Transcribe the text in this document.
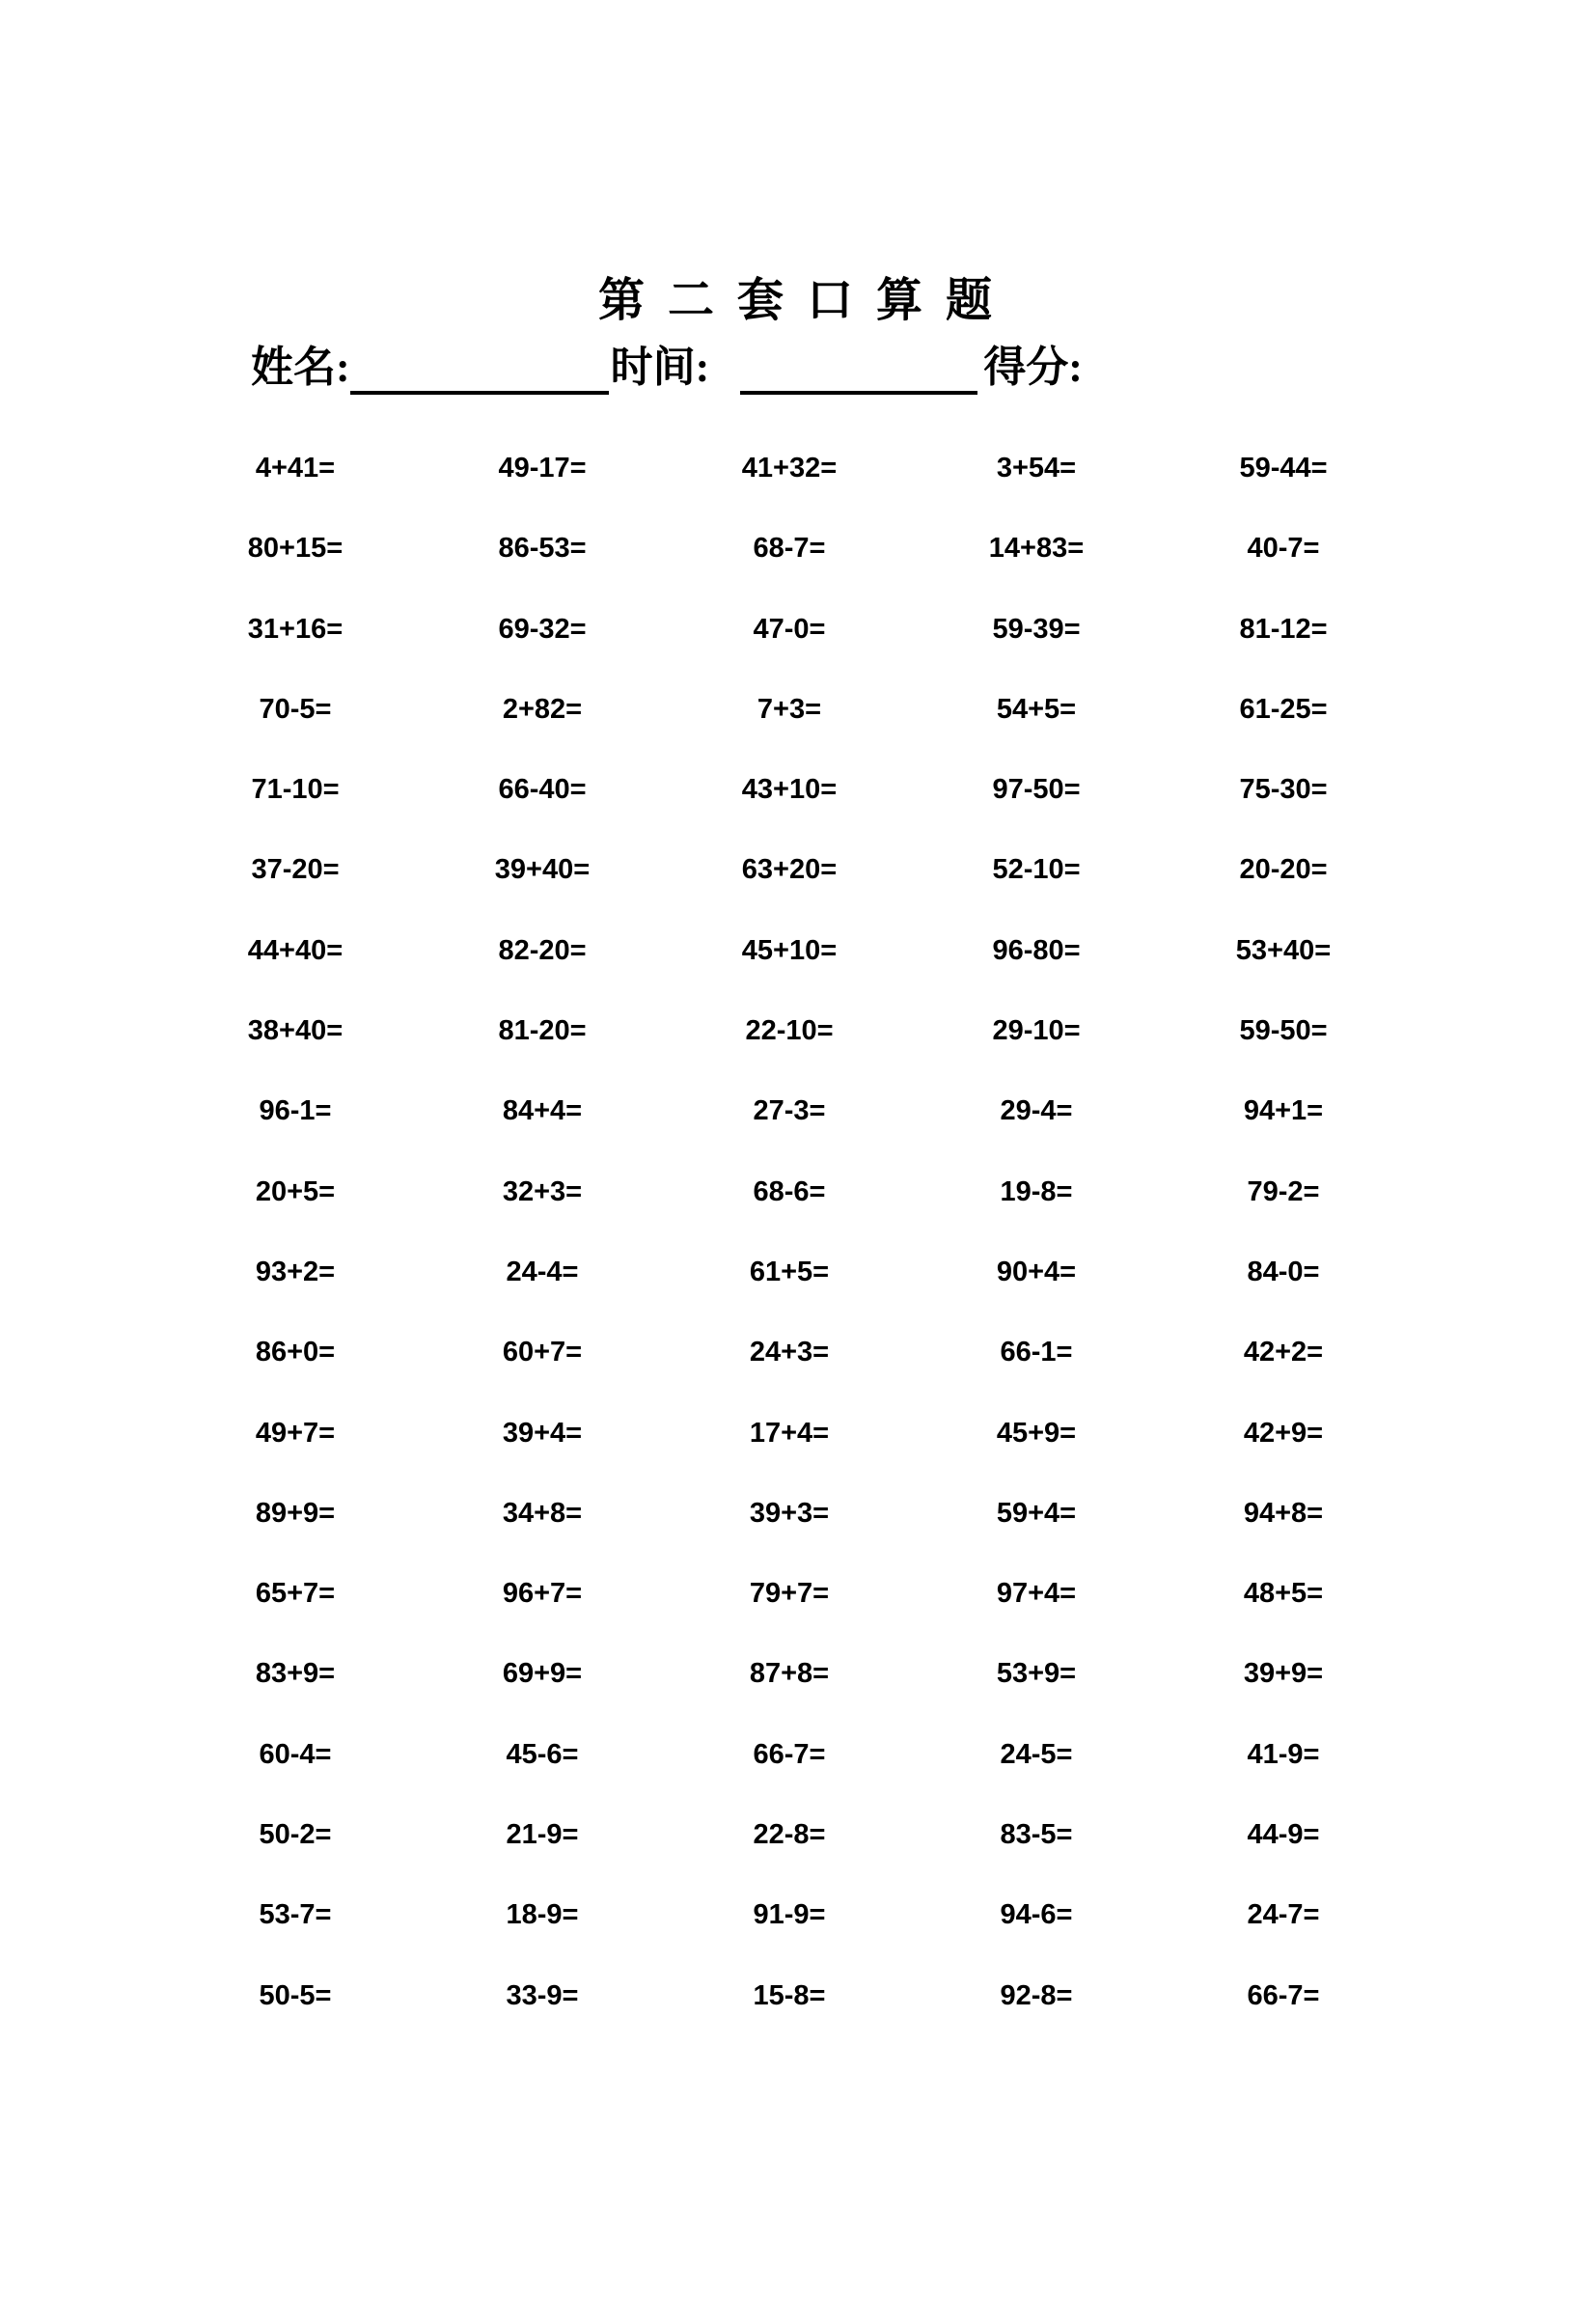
第 二 套 口 算 题
姓名:	时间:	得分:
4+41=	49-17=	41+32=	3+54=	59-44=
80+15=	86-53=	68-7=	14+83=	40-7=
31+16=	69-32=	47-0=	59-39=	81-12=
70-5=	2+82=	7+3=	54+5=	61-25=
71-10=	66-40=	43+10=	97-50=	75-30=
37-20=	39+40=	63+20=	52-10=	20-20=
44+40=	82-20=	45+10=	96-80=	53+40=
38+40=	81-20=	22-10=	29-10=	59-50=
96-1=	84+4=	27-3=	29-4=	94+1=
20+5=	32+3=	68-6=	19-8=	79-2=
93+2=	24-4=	61+5=	90+4=	84-0=
86+0=	60+7=	24+3=	66-1=	42+2=
49+7=	39+4=	17+4=	45+9=	42+9=
89+9=	34+8=	39+3=	59+4=	94+8=
65+7=	96+7=	79+7=	97+4=	48+5=
83+9=	69+9=	87+8=	53+9=	39+9=
60-4=	45-6=	66-7=	24-5=	41-9=
50-2=	21-9=	22-8=	83-5=	44-9=
53-7=	18-9=	91-9=	94-6=	24-7=
50-5=	33-9=	15-8=	92-8=	66-7=
